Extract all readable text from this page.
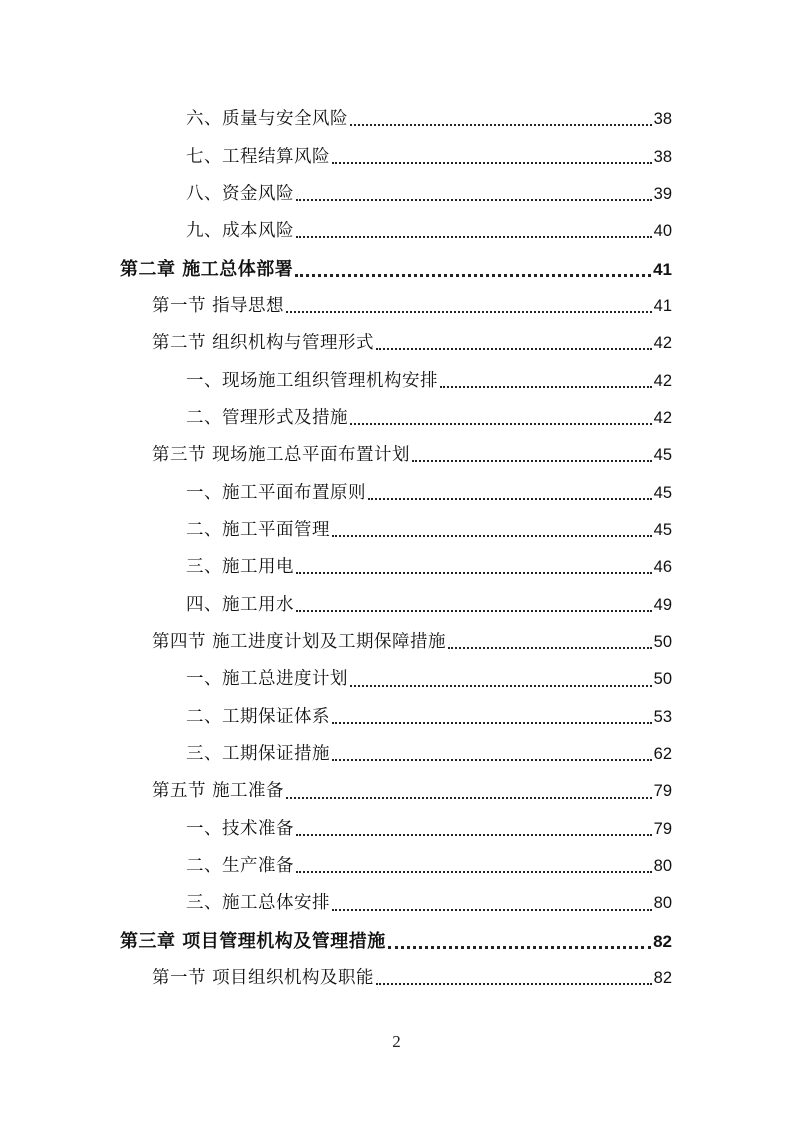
六、质量与安全风险	38
七、工程结算风险	38
八、资金风险	39
九、成本风险	40
第二章 施工总体部署	41
第一节 指导思想	41
第二节 组织机构与管理形式	42
一、现场施工组织管理机构安排	42
二、管理形式及措施	42
第三节 现场施工总平面布置计划	45
一、施工平面布置原则	45
二、施工平面管理	45
三、施工用电	46
四、施工用水	49
第四节 施工进度计划及工期保障措施	50
一、施工总进度计划	50
二、工期保证体系	53
三、工期保证措施	62
第五节 施工准备	79
一、技术准备	79
二、生产准备	80
三、施工总体安排	80
第三章 项目管理机构及管理措施	82
第一节 项目组织机构及职能	82
2
